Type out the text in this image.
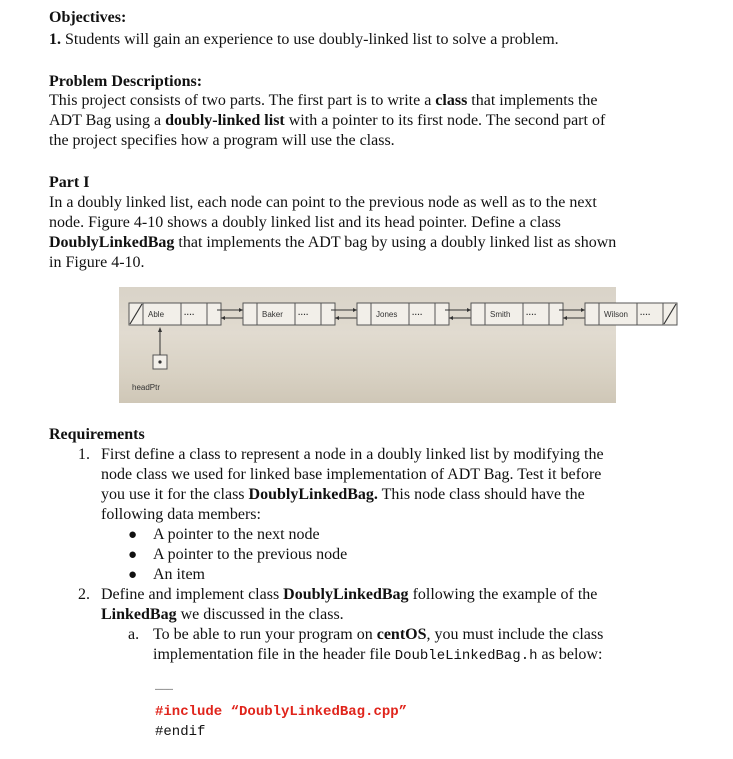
Objectives:
1. Students will gain an experience to use doubly-linked list to solve a problem.
Problem Descriptions:
This project consists of two parts. The first part is to write a class that implements the
ADT Bag using a doubly-linked list with a pointer to its first node. The second part of
the project specifies how a program will use the class.
Part I
In a doubly linked list, each node can point to the previous node as well as to the next
node. Figure 4-10 shows a doubly linked list and its head pointer. Define a class
DoublyLinkedBag that implements the ADT bag by using a doubly linked list as shown
in Figure 4-10.
Able ····	Baker ····	Jones ····	Smith ····	Wilson ····
headPtr
Requirements
1. First define a class to represent a node in a doubly linked list by modifying the
node class we used for linked base implementation of ADT Bag. Test it before
you use it for the class DoublyLinkedBag. This node class should have the
following data members:
● A pointer to the next node
● A pointer to the previous node
● An item
2. Define and implement class DoublyLinkedBag following the example of the
LinkedBag we discussed in the class.
a. To be able to run your program on centOS, you must include the class
implementation file in the header file DoubleLinkedBag.h as below:
………
#include “DoublyLinkedBag.cpp”
#endif
